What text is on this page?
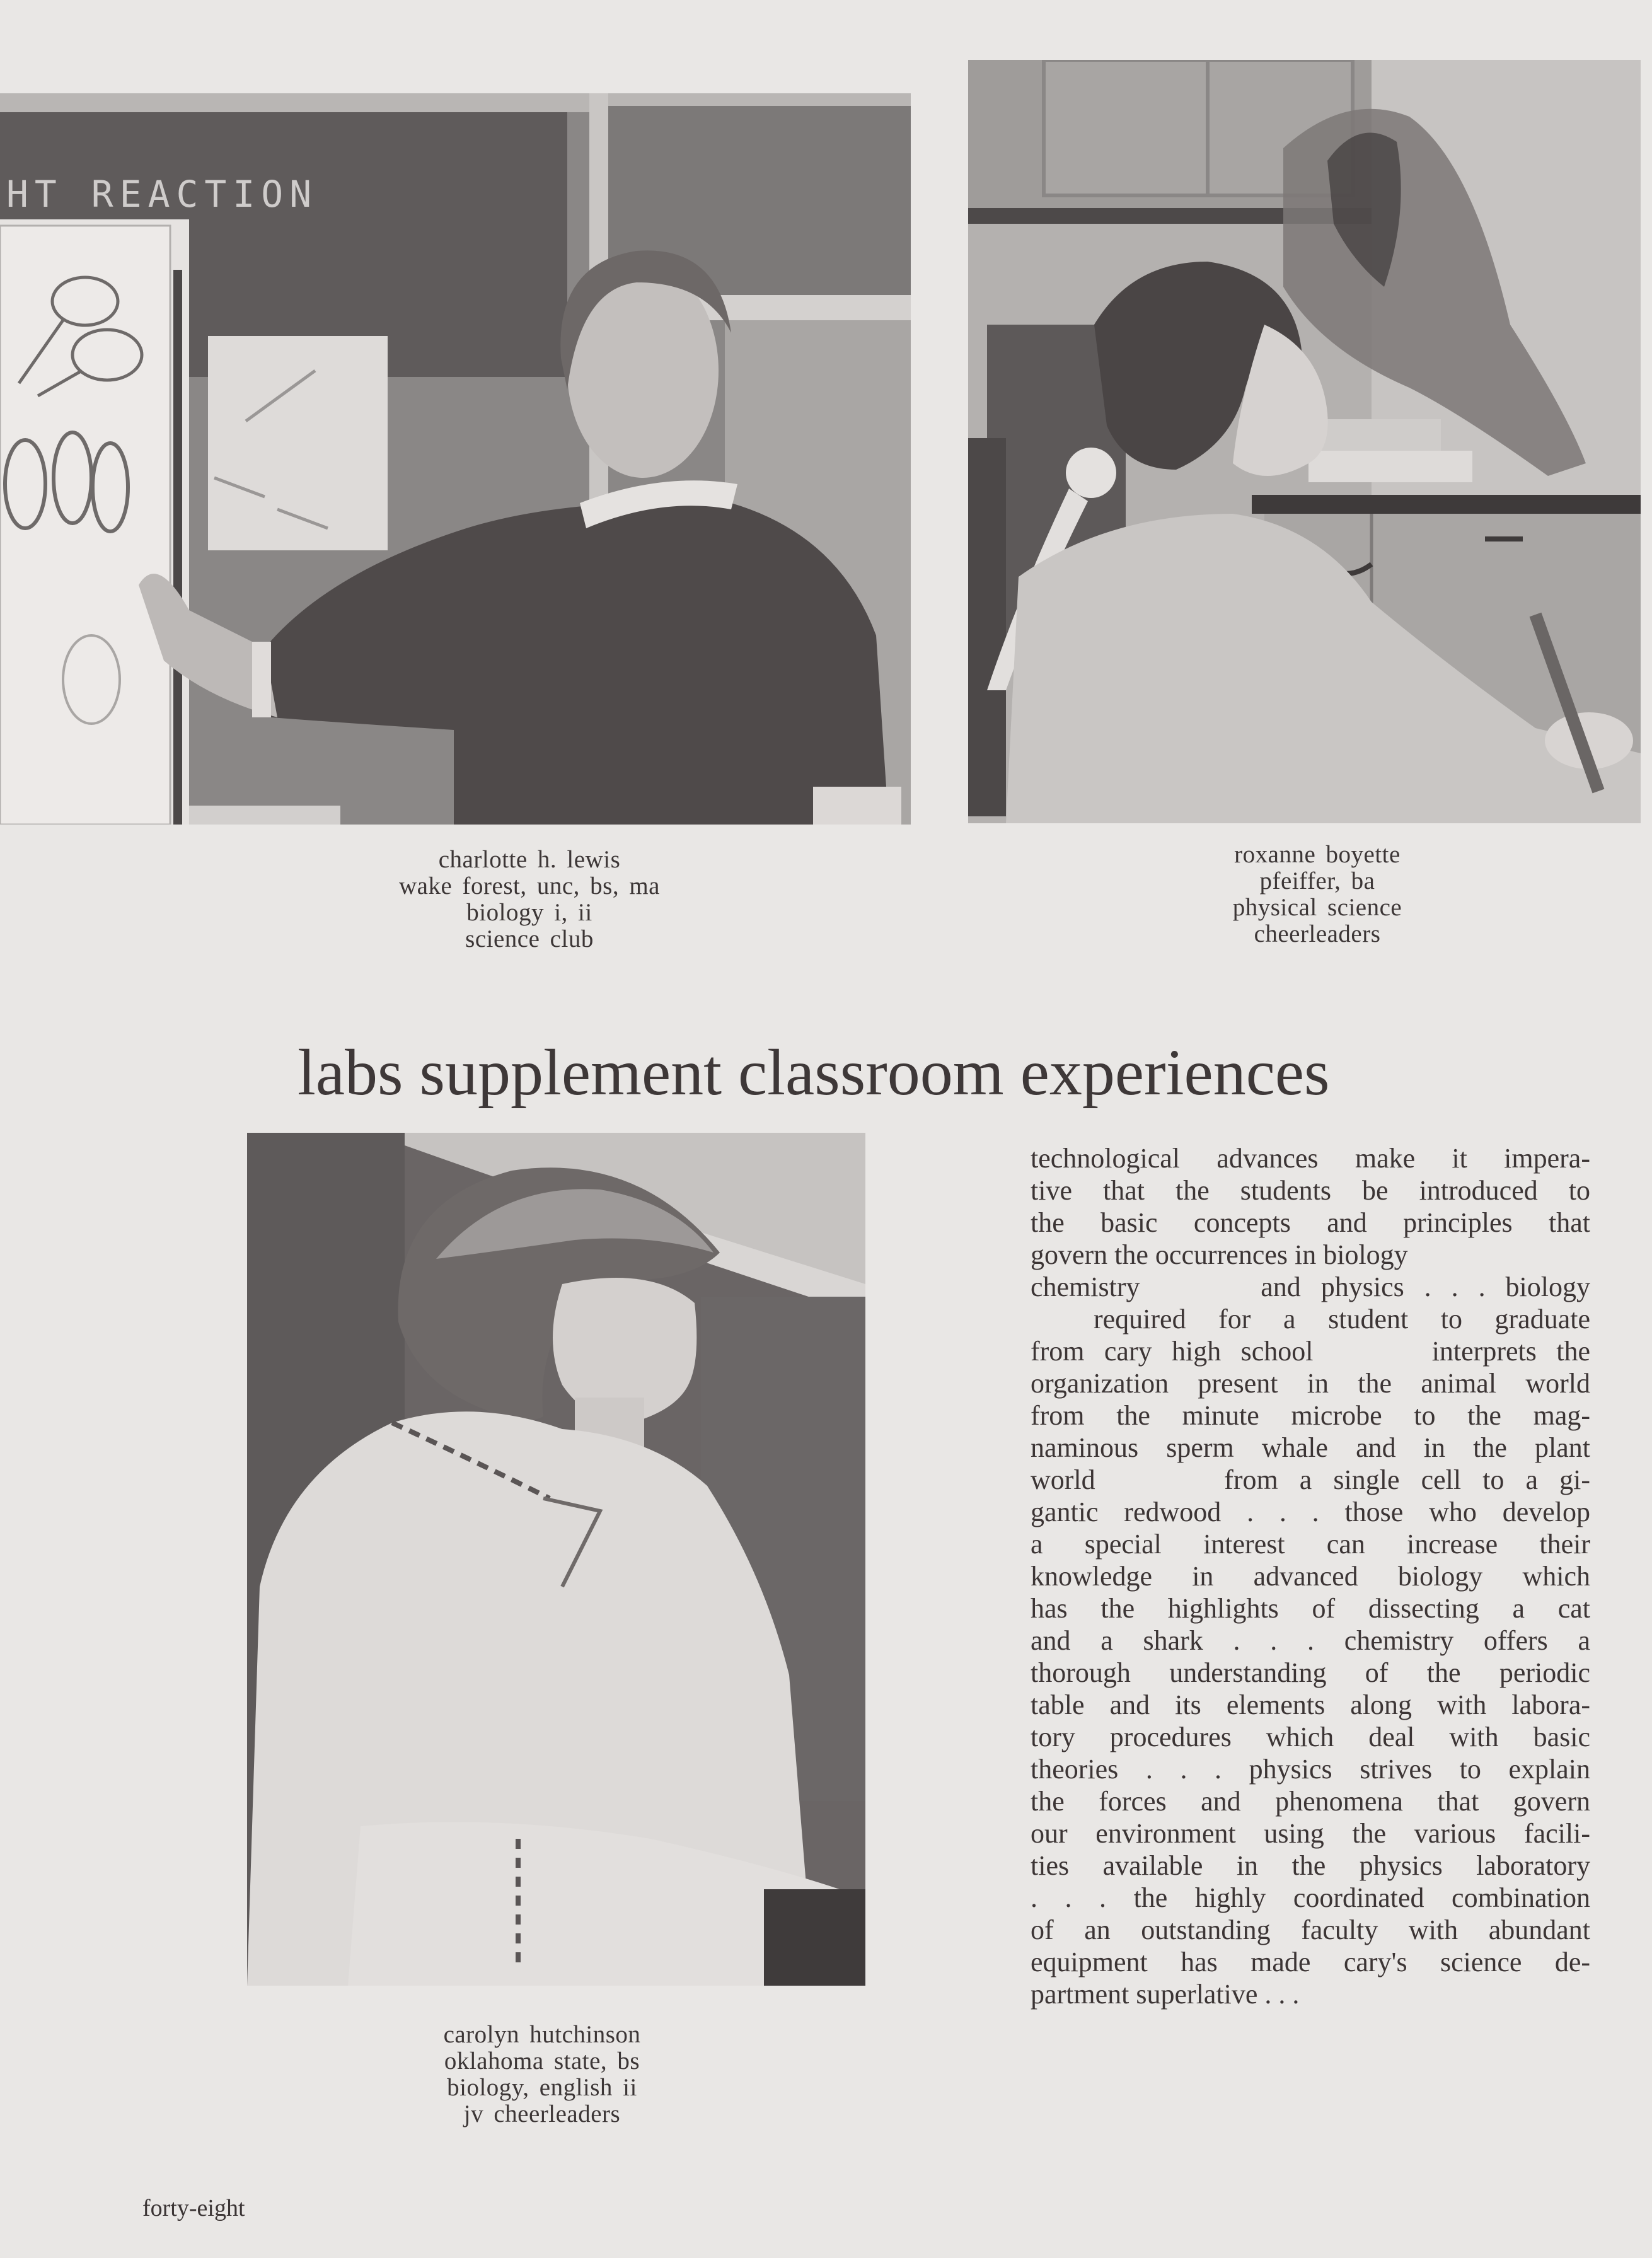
HT REACTION
charlotte h. lewis
wake forest, unc, bs, ma
biology i, ii
science club
roxanne boyette
pfeiffer, ba
physical science
cheerleaders
labs supplement classroom experiences
technological advances make it impera-
tive that the students be introduced to
the basic concepts and principles that
govern the occurrences in biology
chemistry      and physics . . . biology
required for a student to graduate
from cary high school      interprets the
organization present in the animal world
from the minute microbe to the mag-
naminous sperm whale and in the plant
world      from a single cell to a gi-
gantic redwood . . . those who develop
a special interest can increase their
knowledge in advanced biology which
has the highlights of dissecting a cat
and a shark . . . chemistry offers a
thorough understanding of the periodic
table and its elements along with labora-
tory procedures which deal with basic
theories . . . physics strives to explain
the forces and phenomena that govern
our environment using the various facili-
ties available in the physics laboratory
. . . the highly coordinated combination
of an outstanding faculty with abundant
equipment has made cary's science de-
partment superlative . . .
carolyn hutchinson
oklahoma state, bs
biology, english ii
jv cheerleaders
forty-eight
